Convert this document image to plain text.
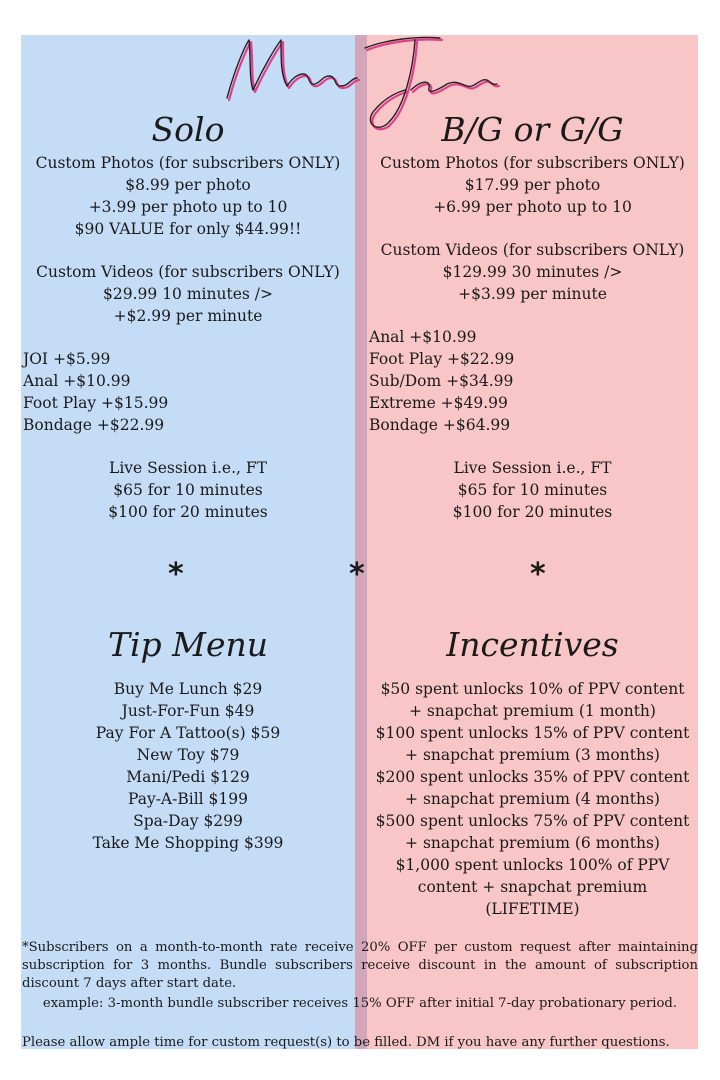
Solo
Custom Photos (for subscribers ONLY)
$8.99 per photo
+3.99 per photo up to 10
$90 VALUE for only $44.99!!
Custom Videos (for subscribers ONLY)
$29.99 10 minutes />
+$2.99 per minute
JOI +$5.99
Anal +$10.99
Foot Play +$15.99
Bondage +$22.99
Live Session i.e., FT
$65 for 10 minutes
$100 for 20 minutes
B/G or G/G
Custom Photos (for subscribers ONLY)
$17.99 per photo
+6.99 per photo up to 10
Custom Videos (for subscribers ONLY)
$129.99 30 minutes />
+$3.99 per minute
Anal +$10.99
Foot Play +$22.99
Sub/Dom +$34.99
Extreme +$49.99
Bondage +$64.99
Live Session i.e., FT
$65 for 10 minutes
$100 for 20 minutes
*	*	*
Tip Menu
Buy Me Lunch $29
Just-For-Fun $49
Pay For A Tattoo(s) $59
New Toy $79
Mani/Pedi $129
Pay-A-Bill $199
Spa-Day $299
Take Me Shopping $399
Incentives
$50 spent unlocks 10% of PPV content
+ snapchat premium (1 month)
$100 spent unlocks 15% of PPV content
+ snapchat premium (3 months)
$200 spent unlocks 35% of PPV content
+ snapchat premium (4 months)
$500 spent unlocks 75% of PPV content
+ snapchat premium (6 months)
$1,000 spent unlocks 100% of PPV
content + snapchat premium
(LIFETIME)
*Subscribers on a month-to-month rate receive 20% OFF per custom request after maintaining subscription for 3 months. Bundle subscribers receive discount in the amount of subscription discount 7 days after start date.
example: 3-month bundle subscriber receives 15% OFF after initial 7-day probationary period.
Please allow ample time for custom request(s) to be filled. DM if you have any further questions.
